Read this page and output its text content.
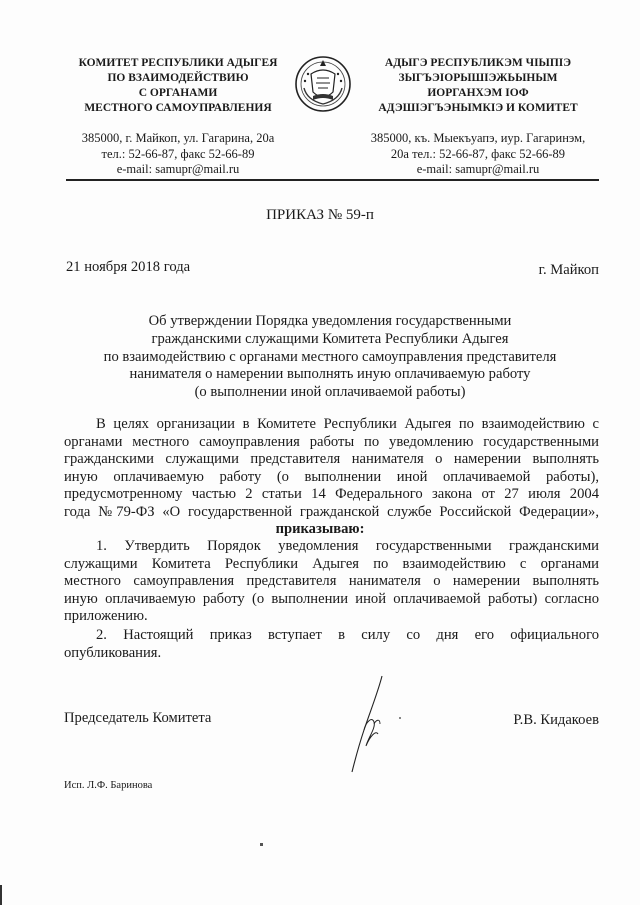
КОМИТЕТ РЕСПУБЛИКИ АДЫГЕЯ
ПО ВЗАИМОДЕЙСТВИЮ
С ОРГАНАМИ
МЕСТНОГО САМОУПРАВЛЕНИЯ
385000, г. Майкоп, ул. Гагарина, 20а
тел.: 52-66-87, факс 52-66-89
e-mail: samupr@mail.ru
АДЫГЭ РЕСПУБЛИКЭМ ЧIЫПIЭ
ЗЫГЪЭIОРЫШIЭЖЬЫНЫМ
ИОРГАНХЭМ IОФ
АДЭШIЭГЪЭНЫМКIЭ И КОМИТЕТ
385000, къ. Мыекъуапэ, иур. Гагаринэм,
20а тел.: 52-66-87, факс 52-66-89
e-mail: samupr@mail.ru
ПРИКАЗ № 59-п
21 ноября 2018 года	г. Майкоп
Об утверждении Порядка уведомления государственными
гражданскими служащими Комитета Республики Адыгея
по взаимодействию с органами местного самоуправления представителя
нанимателя о намерении выполнять иную оплачиваемую работу
(о выполнении иной оплачиваемой работы)
В целях организации в Комитете Республики Адыгея по взаимодействию с
органами местного самоуправления работы по уведомлению государственными
гражданскими служащими представителя нанимателя о намерении выполнять
иную оплачиваемую работу (о выполнении иной оплачиваемой работы),
предусмотренному частью 2 статьи 14 Федерального закона от 27 июля 2004
года №79-ФЗ «О государственной гражданской службе Российской Федерации»,
приказываю:
1. Утвердить Порядок уведомления государственными гражданскими
служащими Комитета Республики Адыгея по взаимодействию с органами
местного самоуправления представителя нанимателя о намерении выполнять
иную оплачиваемую работу (о выполнении иной оплачиваемой работы) согласно
приложению.
2. Настоящий приказ вступает в силу со дня его официального
опубликования.
Председатель Комитета	Р.В. Кидакоев
Исп. Л.Ф. Баринова
